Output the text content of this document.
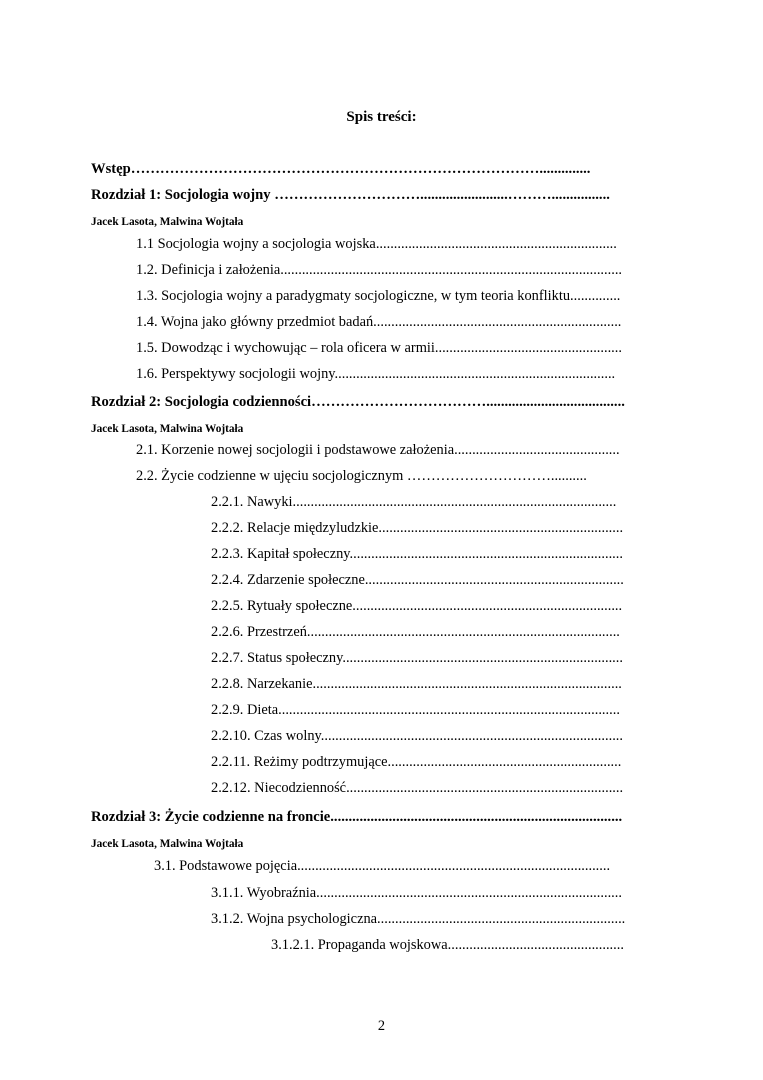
Spis treści:
Wstęp…………………………………………………………………………..............
Rozdział 1: Socjologia wojny …………………………........................………................
Jacek Lasota, Malwina Wojtała
1.1 Socjologia wojny a socjologia wojska...................................................................
1.2. Definicja i założenia...............................................................................................
1.3. Socjologia wojny a paradygmaty socjologiczne, w tym teoria konfliktu..............
1.4. Wojna jako główny przedmiot badań.....................................................................
1.5. Dowodząc i wychowując – rola oficera w armii....................................................
1.6. Perspektywy socjologii wojny..............................................................................
Rozdział 2: Socjologia codzienności………………………………......................................
Jacek Lasota, Malwina Wojtała
2.1. Korzenie nowej socjologii i podstawowe założenia..............................................
2.2. Życie codzienne w ujęciu socjologicznym …………………………..........
2.2.1. Nawyki..........................................................................................
2.2.2. Relacje międzyludzkie....................................................................
2.2.3. Kapitał społeczny............................................................................
2.2.4. Zdarzenie społeczne........................................................................
2.2.5. Rytuały społeczne...........................................................................
2.2.6. Przestrzeń.......................................................................................
2.2.7. Status społeczny..............................................................................
2.2.8. Narzekanie......................................................................................
2.2.9. Dieta...............................................................................................
2.2.10. Czas wolny....................................................................................
2.2.11. Reżimy podtrzymujące.................................................................
2.2.12. Niecodzienność.............................................................................
Rozdział 3: Życie codzienne na froncie................................................................................
Jacek Lasota, Malwina Wojtała
3.1. Podstawowe pojęcia.......................................................................................
3.1.1. Wyobraźnia.....................................................................................
3.1.2. Wojna psychologiczna.....................................................................
3.1.2.1. Propaganda wojskowa.................................................
2
